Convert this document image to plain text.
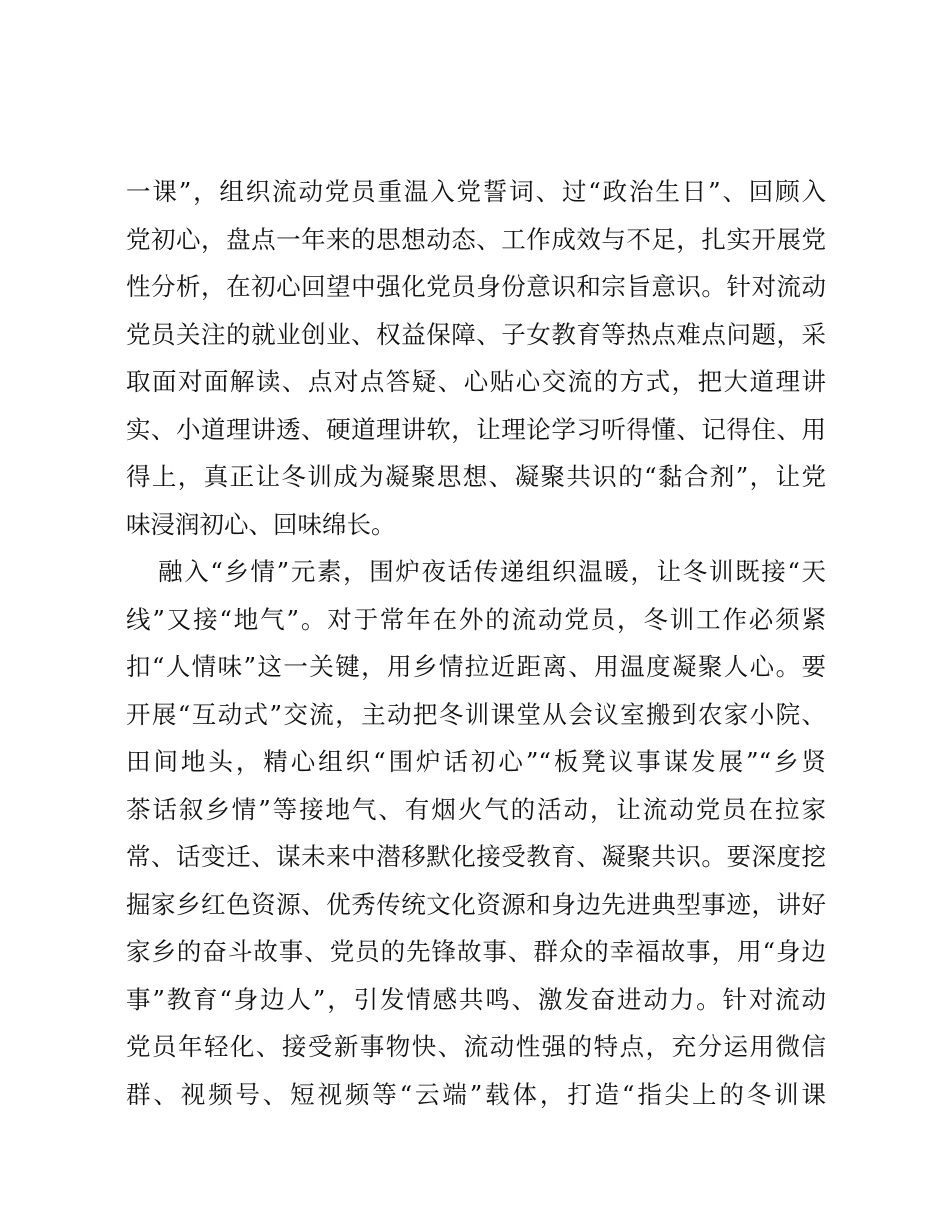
一课”，组织流动党员重温入党誓词、过“政治生日”、回顾入
党初心，盘点一年来的思想动态、工作成效与不足，扎实开展党
性分析，在初心回望中强化党员身份意识和宗旨意识。针对流动
党员关注的就业创业、权益保障、子女教育等热点难点问题，采
取面对面解读、点对点答疑、心贴心交流的方式，把大道理讲
实、小道理讲透、硬道理讲软，让理论学习听得懂、记得住、用
得上，真正让冬训成为凝聚思想、凝聚共识的“黏合剂”，让党
味浸润初心、回味绵长。
融入“乡情”元素，围炉夜话传递组织温暖，让冬训既接“天
线”又接“地气”。对于常年在外的流动党员，冬训工作必须紧
扣“人情味”这一关键，用乡情拉近距离、用温度凝聚人心。要
开展“互动式”交流，主动把冬训课堂从会议室搬到农家小院、
田间地头，精心组织“围炉话初心”“板凳议事谋发展”“乡贤
茶话叙乡情”等接地气、有烟火气的活动，让流动党员在拉家
常、话变迁、谋未来中潜移默化接受教育、凝聚共识。要深度挖
掘家乡红色资源、优秀传统文化资源和身边先进典型事迹，讲好
家乡的奋斗故事、党员的先锋故事、群众的幸福故事，用“身边
事”教育“身边人”，引发情感共鸣、激发奋进动力。针对流动
党员年轻化、接受新事物快、流动性强的特点，充分运用微信
群、视频号、短视频等“云端”载体，打造“指尖上的冬训课
